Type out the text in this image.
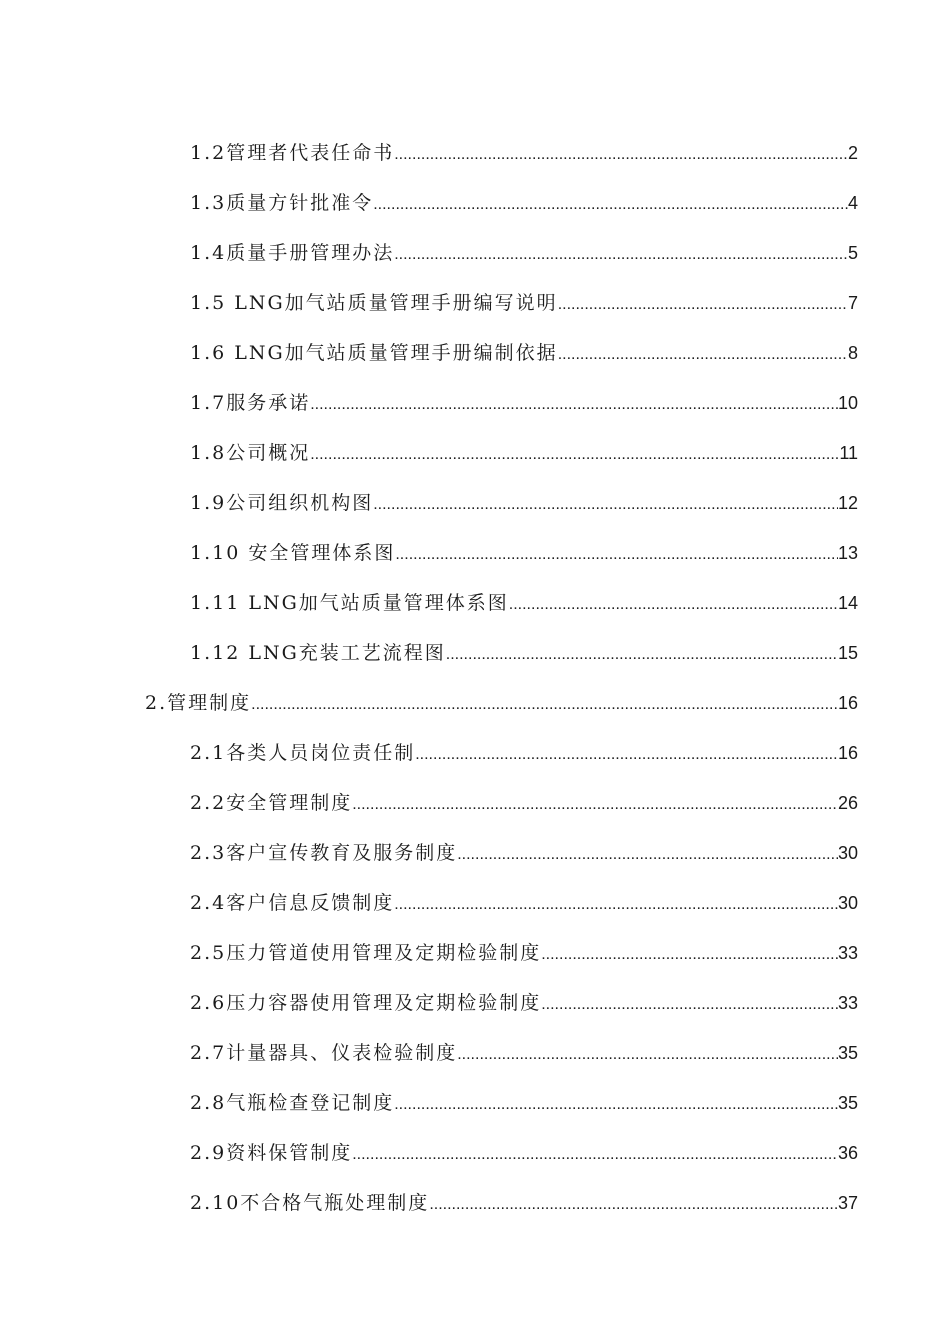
1.2管理者代表任命书 .....	2
1.3质量方针批准令 .....	4
1.4质量手册管理办法 .....	5
1.5 LNG加气站质量管理手册编写说明 .....	7
1.6 LNG加气站质量管理手册编制依据 .....	8
1.7服务承诺 .....	10
1.8公司概况 .....	11
1.9公司组织机构图 .....	12
1.10 安全管理体系图 .....	13
1.11 LNG加气站质量管理体系图 .....	14
1.12 LNG充装工艺流程图 .....	15
2.管理制度 .....	16
2.1各类人员岗位责任制 .....	16
2.2安全管理制度 .....	26
2.3客户宣传教育及服务制度 .....	30
2.4客户信息反馈制度 .....	30
2.5压力管道使用管理及定期检验制度 .....	33
2.6压力容器使用管理及定期检验制度 .....	33
2.7计量器具、仪表检验制度 .....	35
2.8气瓶检查登记制度 .....	35
2.9资料保管制度 .....	36
2.10不合格气瓶处理制度 .....	37
